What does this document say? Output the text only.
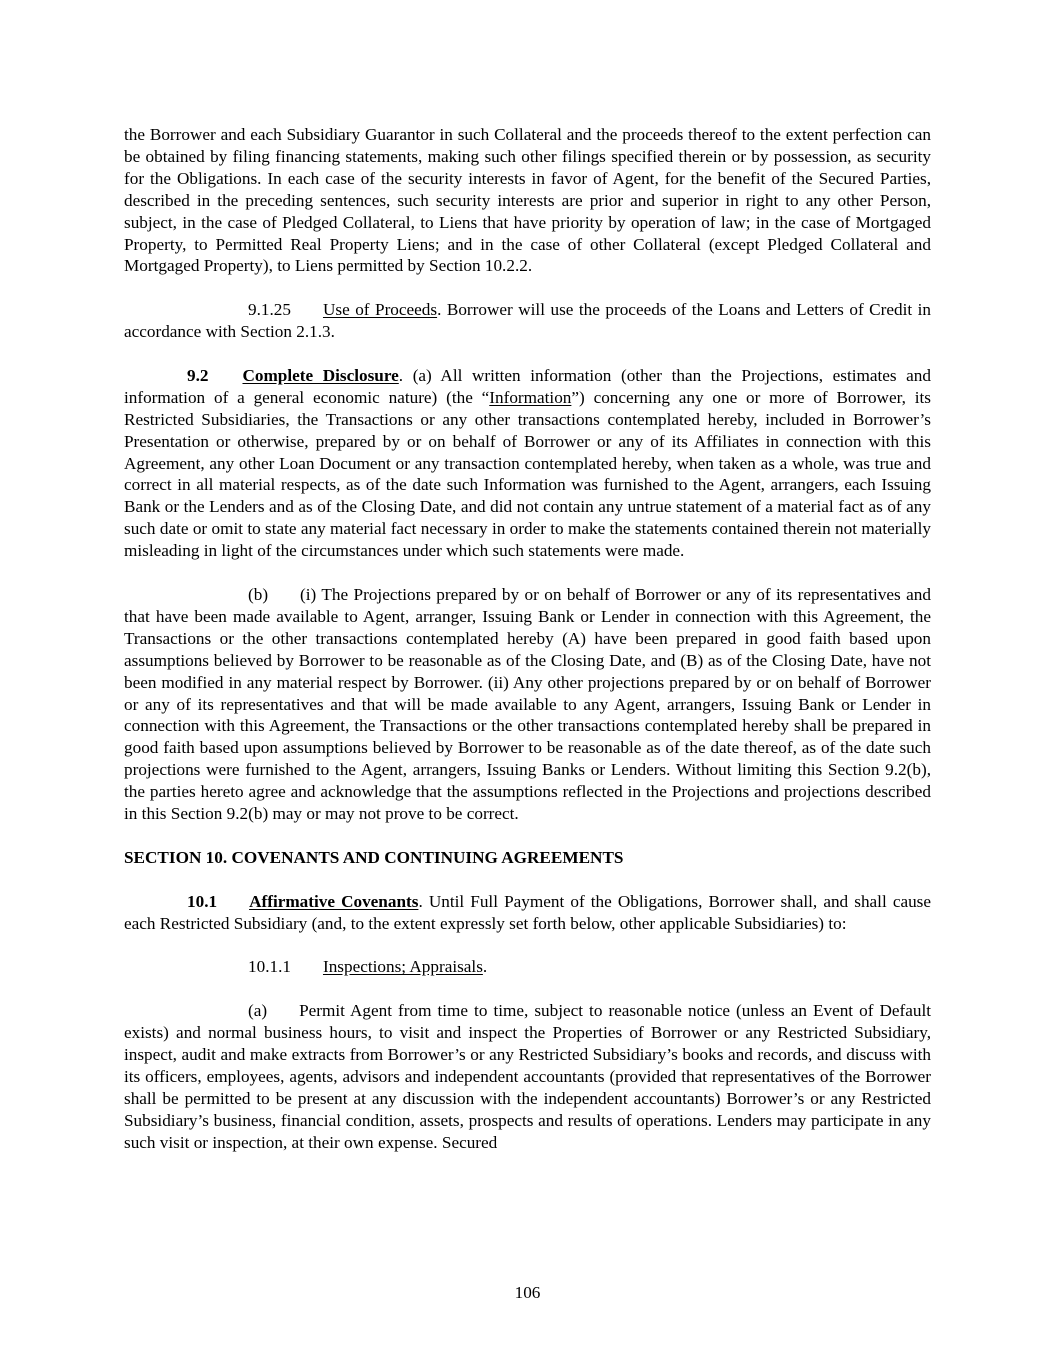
the Borrower and each Subsidiary Guarantor in such Collateral and the proceeds thereof to the extent perfection can be obtained by filing financing statements, making such other filings specified therein or by possession, as security for the Obligations. In each case of the security interests in favor of Agent, for the benefit of the Secured Parties, described in the preceding sentences, such security interests are prior and superior in right to any other Person, subject, in the case of Pledged Collateral, to Liens that have priority by operation of law; in the case of Mortgaged Property, to Permitted Real Property Liens; and in the case of other Collateral (except Pledged Collateral and Mortgaged Property), to Liens permitted by Section 10.2.2.

9.1.25 Use of Proceeds. Borrower will use the proceeds of the Loans and Letters of Credit in accordance with Section 2.1.3.

9.2 Complete Disclosure. (a) All written information (other than the Projections, estimates and information of a general economic nature) (the “Information”) concerning any one or more of Borrower, its Restricted Subsidiaries, the Transactions or any other transactions contemplated hereby, included in Borrower’s Presentation or otherwise, prepared by or on behalf of Borrower or any of its Affiliates in connection with this Agreement, any other Loan Document or any transaction contemplated hereby, when taken as a whole, was true and correct in all material respects, as of the date such Information was furnished to the Agent, arrangers, each Issuing Bank or the Lenders and as of the Closing Date, and did not contain any untrue statement of a material fact as of any such date or omit to state any material fact necessary in order to make the statements contained therein not materially misleading in light of the circumstances under which such statements were made.

(b) (i) The Projections prepared by or on behalf of Borrower or any of its representatives and that have been made available to Agent, arranger, Issuing Bank or Lender in connection with this Agreement, the Transactions or the other transactions contemplated hereby (A) have been prepared in good faith based upon assumptions believed by Borrower to be reasonable as of the Closing Date, and (B) as of the Closing Date, have not been modified in any material respect by Borrower. (ii) Any other projections prepared by or on behalf of Borrower or any of its representatives and that will be made available to any Agent, arrangers, Issuing Bank or Lender in connection with this Agreement, the Transactions or the other transactions contemplated hereby shall be prepared in good faith based upon assumptions believed by Borrower to be reasonable as of the date thereof, as of the date such projections were furnished to the Agent, arrangers, Issuing Banks or Lenders. Without limiting this Section 9.2(b), the parties hereto agree and acknowledge that the assumptions reflected in the Projections and projections described in this Section 9.2(b) may or may not prove to be correct.

SECTION 10. COVENANTS AND CONTINUING AGREEMENTS

10.1 Affirmative Covenants. Until Full Payment of the Obligations, Borrower shall, and shall cause each Restricted Subsidiary (and, to the extent expressly set forth below, other applicable Subsidiaries) to:

10.1.1 Inspections; Appraisals.

(a) Permit Agent from time to time, subject to reasonable notice (unless an Event of Default exists) and normal business hours, to visit and inspect the Properties of Borrower or any Restricted Subsidiary, inspect, audit and make extracts from Borrower’s or any Restricted Subsidiary’s books and records, and discuss with its officers, employees, agents, advisors and independent accountants (provided that representatives of the Borrower shall be permitted to be present at any discussion with the independent accountants) Borrower’s or any Restricted Subsidiary’s business, financial condition, assets, prospects and results of operations. Lenders may participate in any such visit or inspection, at their own expense. Secured

106
